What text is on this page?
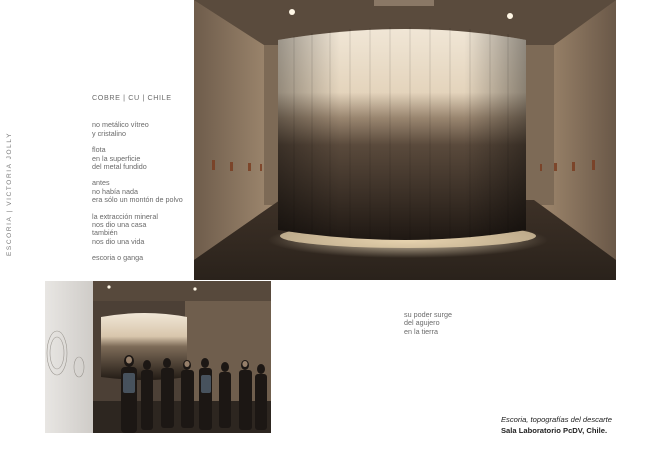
ESCORIA | VICTORIA JOLLY
COBRE | CU | CHILE
no metálico vítreo
y cristalino
flota
en la superficie
del metal fundido
antes
no había nada
era sólo un montón de polvo
la extracción mineral
nos dio una casa
también
nos dio una vida
escoria o ganga
su poder surge
del agujero
en la tierra
Escoria, topografías del descarte
Sala Laboratorio PcDV, Chile.
